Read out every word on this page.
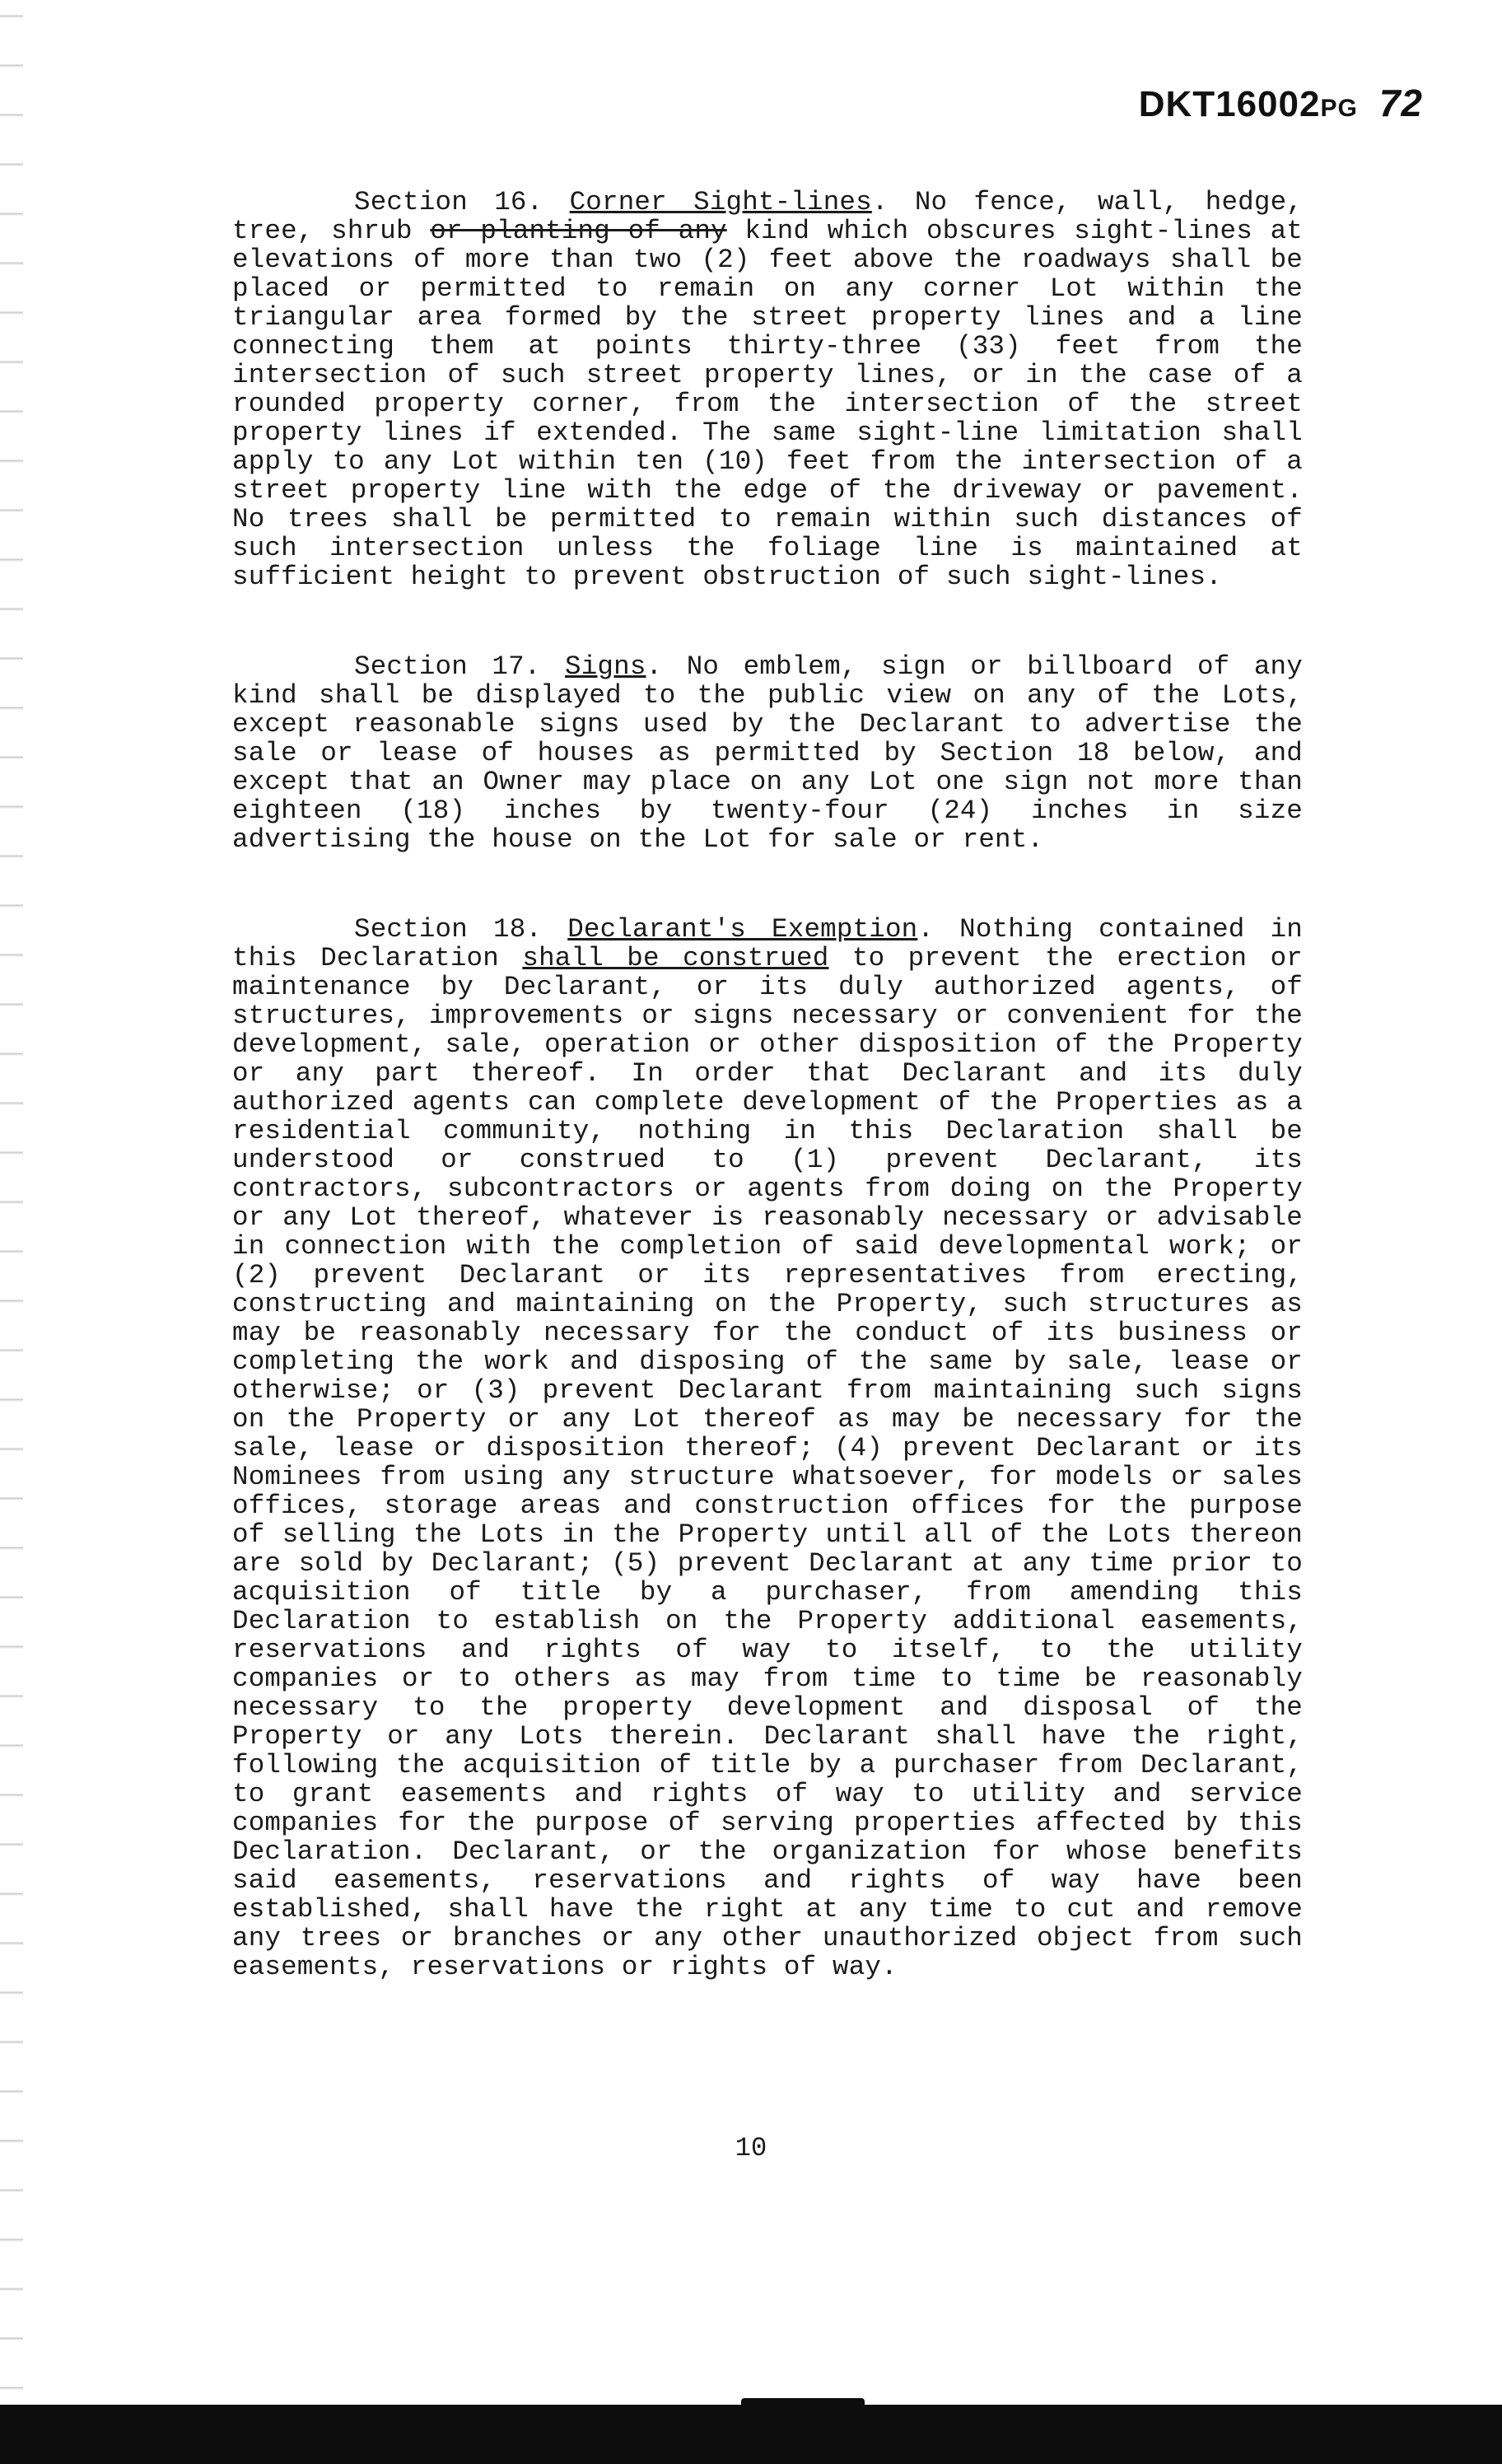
DKT16002PG 72

Section 16. Corner Sight-lines. No fence, wall, hedge, tree, shrub or planting of any kind which obscures sight-lines at elevations of more than two (2) feet above the roadways shall be placed or permitted to remain on any corner Lot within the triangular area formed by the street property lines and a line connecting them at points thirty-three (33) feet from the intersection of such street property lines, or in the case of a rounded property corner, from the intersection of the street property lines if extended. The same sight-line limitation shall apply to any Lot within ten (10) feet from the intersection of a street property line with the edge of the driveway or pavement. No trees shall be permitted to remain within such distances of such intersection unless the foliage line is maintained at sufficient height to prevent obstruction of such sight-lines.

Section 17. Signs. No emblem, sign or billboard of any kind shall be displayed to the public view on any of the Lots, except reasonable signs used by the Declarant to advertise the sale or lease of houses as permitted by Section 18 below, and except that an Owner may place on any Lot one sign not more than eighteen (18) inches by twenty-four (24) inches in size advertising the house on the Lot for sale or rent.

Section 18. Declarant's Exemption. Nothing contained in this Declaration shall be construed to prevent the erection or maintenance by Declarant, or its duly authorized agents, of structures, improvements or signs necessary or convenient for the development, sale, operation or other disposition of the Property or any part thereof. In order that Declarant and its duly authorized agents can complete development of the Properties as a residential community, nothing in this Declaration shall be understood or construed to (1) prevent Declarant, its contractors, subcontractors or agents from doing on the Property or any Lot thereof, whatever is reasonably necessary or advisable in connection with the completion of said developmental work; or (2) prevent Declarant or its representatives from erecting, constructing and maintaining on the Property, such structures as may be reasonably necessary for the conduct of its business or completing the work and disposing of the same by sale, lease or otherwise; or (3) prevent Declarant from maintaining such signs on the Property or any Lot thereof as may be necessary for the sale, lease or disposition thereof; (4) prevent Declarant or its Nominees from using any structure whatsoever, for models or sales offices, storage areas and construction offices for the purpose of selling the Lots in the Property until all of the Lots thereon are sold by Declarant; (5) prevent Declarant at any time prior to acquisition of title by a purchaser, from amending this Declaration to establish on the Property additional easements, reservations and rights of way to itself, to the utility companies or to others as may from time to time be reasonably necessary to the property development and disposal of the Property or any Lots therein. Declarant shall have the right, following the acquisition of title by a purchaser from Declarant, to grant easements and rights of way to utility and service companies for the purpose of serving properties affected by this Declaration. Declarant, or the organization for whose benefits said easements, reservations and rights of way have been established, shall have the right at any time to cut and remove any trees or branches or any other unauthorized object from such easements, reservations or rights of way.

10
